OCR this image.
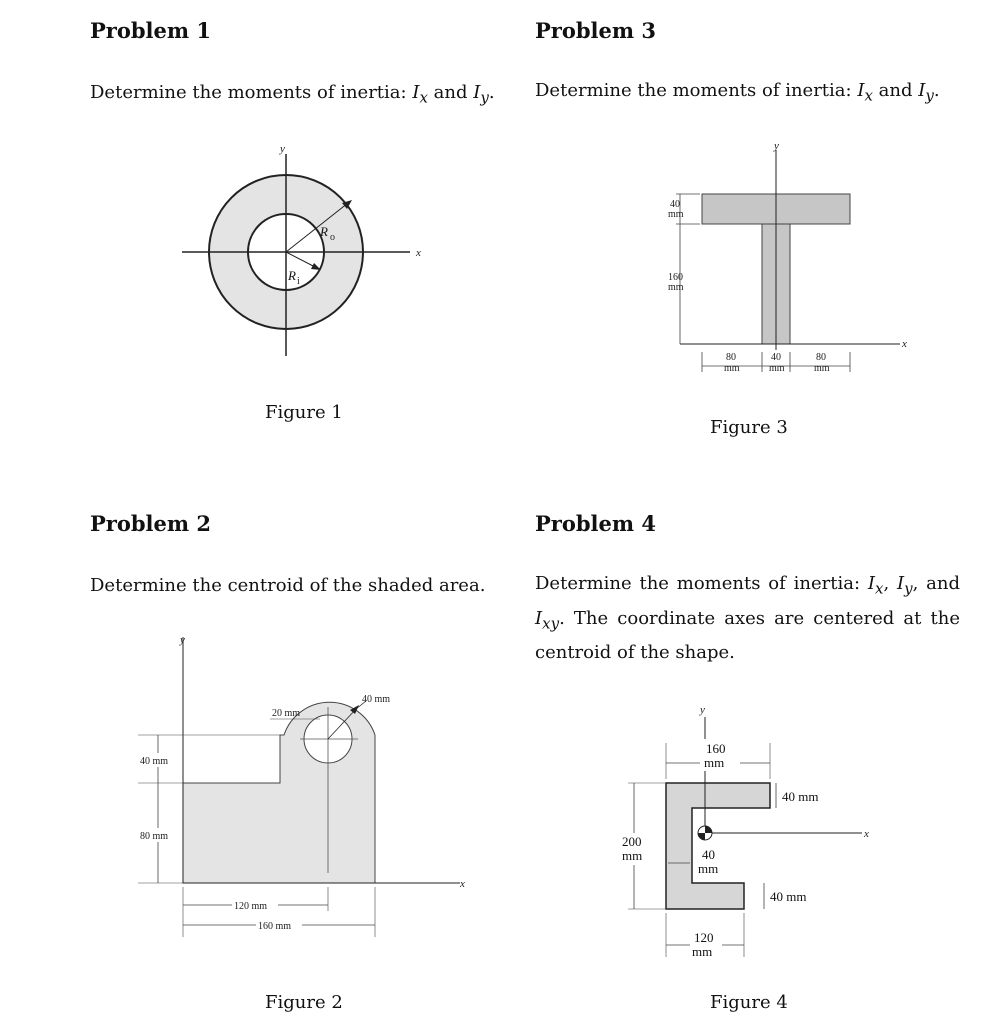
Problem 1
Determine the moments of inertia: $I_x$ and $I_y$.
y
x
R o
R i
Figure 1
Problem 3
Determine the moments of inertia: $I_x$ and $I_y$.
y
x
40
mm
160
mm
80
mm
40
mm
80
mm
Figure 3
Problem 2
Determine the centroid of the shaded area.
y
x
40 mm
20 mm
40 mm
80 mm
120 mm
160 mm
Figure 2
Problem 4
Determine the moments of inertia: $I_x$, $I_y$, and $I_{xy}$. The coordinate axes are centered at the centroid of the shape.
y
x
160
mm
200
mm	40
mm
40 mm
40 mm
120
mm
Figure 4
